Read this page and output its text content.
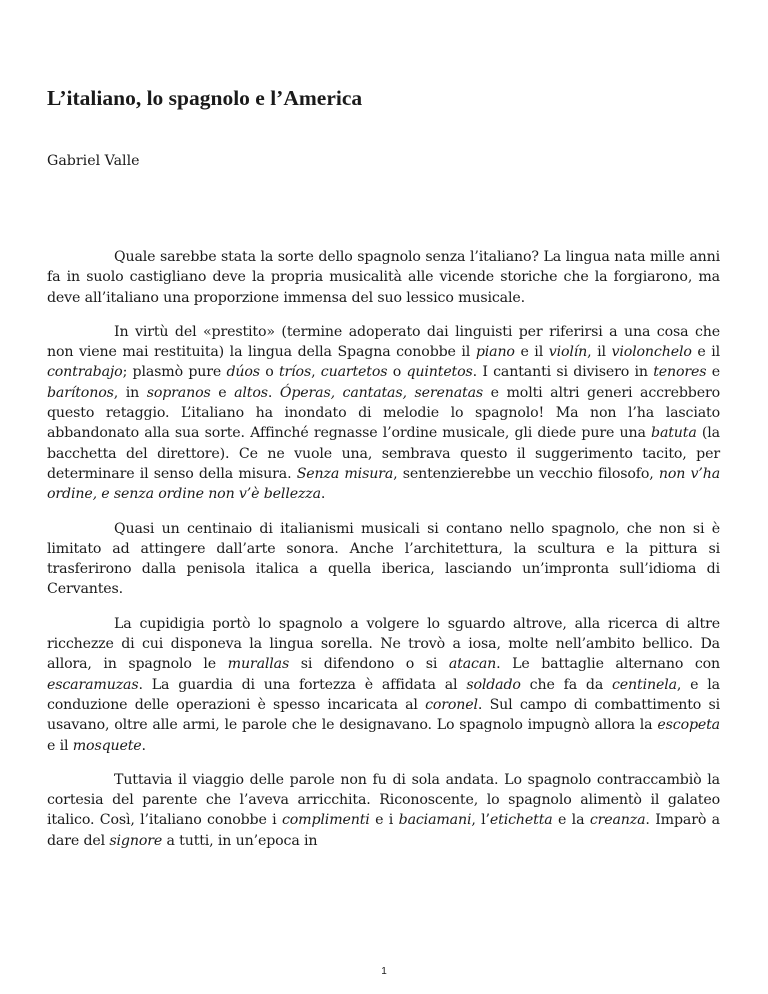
L’italiano, lo spagnolo e l’America

Gabriel Valle

Quale sarebbe stata la sorte dello spagnolo senza l’italiano? La lingua nata mille anni fa in suolo castigliano deve la propria musicalità alle vicende storiche che la forgiarono, ma deve all’italiano una proporzione immensa del suo lessico musicale.

In virtù del «prestito» (termine adoperato dai linguisti per riferirsi a una cosa che non viene mai restituita) la lingua della Spagna conobbe il piano e il violín, il violonchelo e il contrabajo; plasmò pure dúos o tríos, cuartetos o quintetos. I cantanti si divisero in tenores e barítonos, in sopranos e altos. Óperas, cantatas, serenatas e molti altri generi accrebbero questo retaggio. L’italiano ha inondato di melodie lo spagnolo! Ma non l’ha lasciato abbandonato alla sua sorte. Affinché regnasse l’ordine musicale, gli diede pure una batuta (la bacchetta del direttore). Ce ne vuole una, sembrava questo il suggerimento tacito, per determinare il senso della misura. Senza misura, sentenzierebbe un vecchio filosofo, non v’ha ordine, e senza ordine non v’è bellezza.

Quasi un centinaio di italianismi musicali si contano nello spagnolo, che non si è limitato ad attingere dall’arte sonora. Anche l’architettura, la scultura e la pittura si trasferirono dalla penisola italica a quella iberica, lasciando un’impronta sull’idioma di Cervantes.

La cupidigia portò lo spagnolo a volgere lo sguardo altrove, alla ricerca di altre ricchezze di cui disponeva la lingua sorella. Ne trovò a iosa, molte nell’ambito bellico. Da allora, in spagnolo le murallas si difendono o si atacan. Le battaglie alternano con escaramuzas. La guardia di una fortezza è affidata al soldado che fa da centinela, e la conduzione delle operazioni è spesso incaricata al coronel. Sul campo di combattimento si usavano, oltre alle armi, le parole che le designavano. Lo spagnolo impugnò allora la escopeta e il mosquete.

Tuttavia il viaggio delle parole non fu di sola andata. Lo spagnolo contraccambiò la cortesia del parente che l’aveva arricchita. Riconoscente, lo spagnolo alimentò il galateo italico. Così, l’italiano conobbe i complimenti e i baciamani, l’etichetta e la creanza. Imparò a dare del signore a tutti, in un’epoca in

1
